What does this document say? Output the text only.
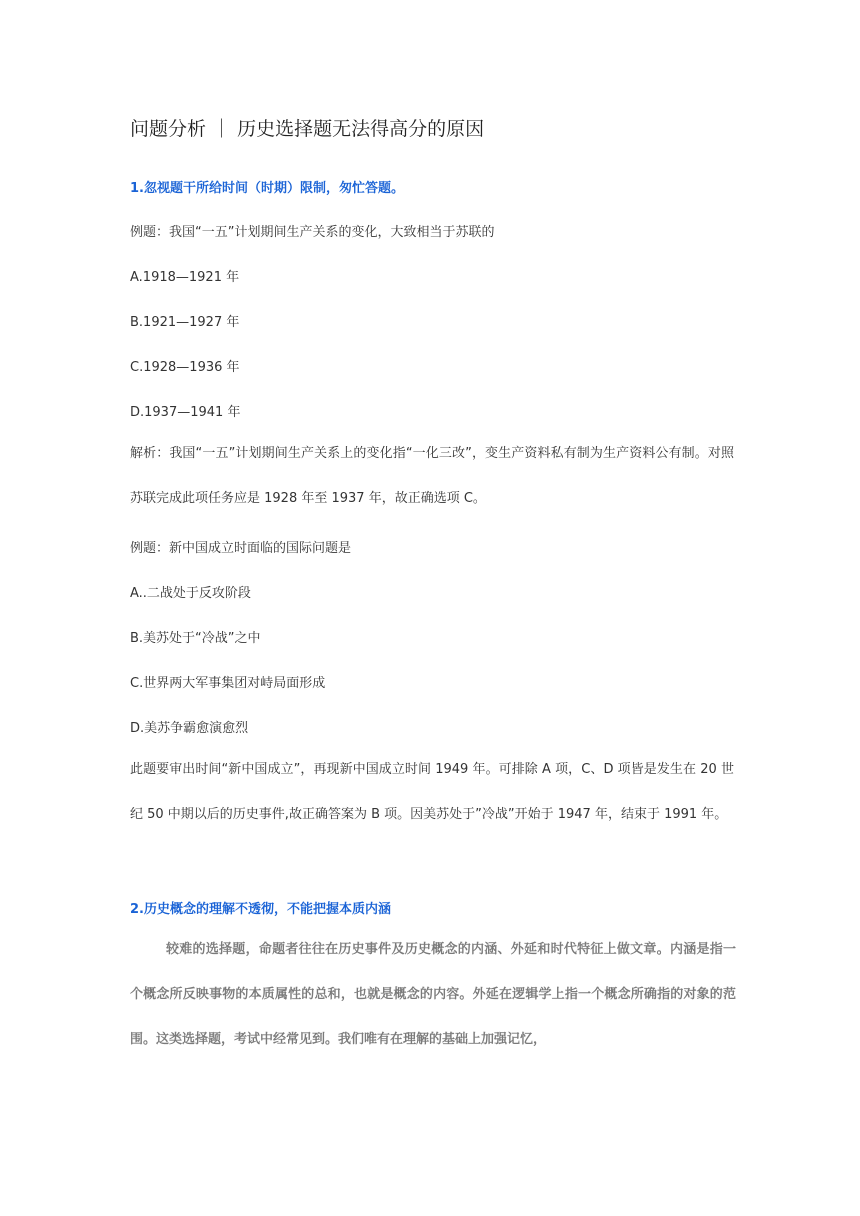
问题分析 ｜ 历史选择题无法得高分的原因
1.忽视题干所给时间（时期）限制，匆忙答题。
例题：我国“一五”计划期间生产关系的变化，大致相当于苏联的
A.1918—1921 年
B.1921—1927 年
C.1928—1936 年
D.1937—1941 年
解析：我国“一五”计划期间生产关系上的变化指“一化三改”，变生产资料私有制为生产资料公有制。对照苏联完成此项任务应是 1928 年至 1937 年，故正确选项 C。
例题：新中国成立时面临的国际问题是
A..二战处于反攻阶段
B.美苏处于“冷战”之中
C.世界两大军事集团对峙局面形成
D.美苏争霸愈演愈烈
此题要审出时间“新中国成立”，再现新中国成立时间 1949 年。可排除 A 项，C、D 项皆是发生在 20 世纪 50 中期以后的历史事件,故正确答案为 B 项。因美苏处于”冷战”开始于 1947 年，结束于 1991 年。
2.历史概念的理解不透彻，不能把握本质内涵
较难的选择题，命题者往往在历史事件及历史概念的内涵、外延和时代特征上做文章。内涵是指一个概念所反映事物的本质属性的总和，也就是概念的内容。外延在逻辑学上指一个概念所确指的对象的范围。这类选择题，考试中经常见到。我们唯有在理解的基础上加强记忆，
